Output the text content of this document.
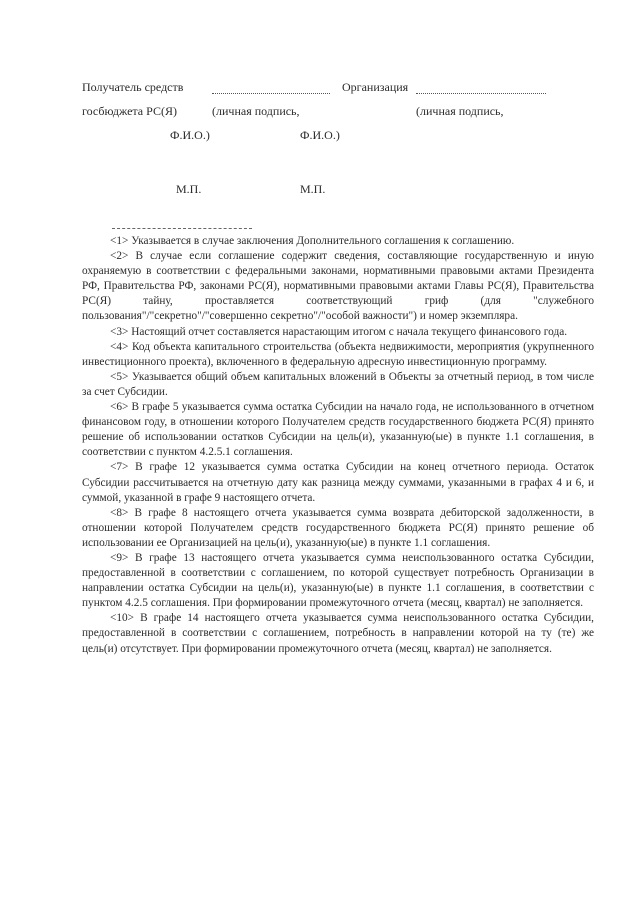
Получатель средств	Организация
госбюджета РС(Я)	(личная подпись,	(личная подпись,
Ф.И.О.)	Ф.И.О.)
М.П.	М.П.

<1> Указывается в случае заключения Дополнительного соглашения к соглашению.

<2> В случае если соглашение содержит сведения, составляющие государственную и иную охраняемую в соответствии с федеральными законами, нормативными правовыми актами Президента РФ, Правительства РФ, законами РС(Я), нормативными правовыми актами Главы РС(Я), Правительства РС(Я) тайну, проставляется соответствующий гриф (для "служебного пользования"/"секретно"/"совершенно секретно"/"особой важности") и номер экземпляра.

<3> Настоящий отчет составляется нарастающим итогом с начала текущего финансового года.

<4> Код объекта капитального строительства (объекта недвижимости, мероприятия (укрупненного инвестиционного проекта), включенного в федеральную адресную инвестиционную программу.

<5> Указывается общий объем капитальных вложений в Объекты за отчетный период, в том числе за счет Субсидии.

<6> В графе 5 указывается сумма остатка Субсидии на начало года, не использованного в отчетном финансовом году, в отношении которого Получателем средств государственного бюджета РС(Я) принято решение об использовании остатков Субсидии на цель(и), указанную(ые) в пункте 1.1 соглашения, в соответствии с пунктом 4.2.5.1 соглашения.

<7> В графе 12 указывается сумма остатка Субсидии на конец отчетного периода. Остаток Субсидии рассчитывается на отчетную дату как разница между суммами, указанными в графах 4 и 6, и суммой, указанной в графе 9 настоящего отчета.

<8> В графе 8 настоящего отчета указывается сумма возврата дебиторской задолженности, в отношении которой Получателем средств государственного бюджета РС(Я) принято решение об использовании ее Организацией на цель(и), указанную(ые) в пункте 1.1 соглашения.

<9> В графе 13 настоящего отчета указывается сумма неиспользованного остатка Субсидии, предоставленной в соответствии с соглашением, по которой существует потребность Организации в направлении остатка Субсидии на цель(и), указанную(ые) в пункте 1.1 соглашения, в соответствии с пунктом 4.2.5 соглашения. При формировании промежуточного отчета (месяц, квартал) не заполняется.

<10> В графе 14 настоящего отчета указывается сумма неиспользованного остатка Субсидии, предоставленной в соответствии с соглашением, потребность в направлении которой на ту (те) же цель(и) отсутствует. При формировании промежуточного отчета (месяц, квартал) не заполняется.
